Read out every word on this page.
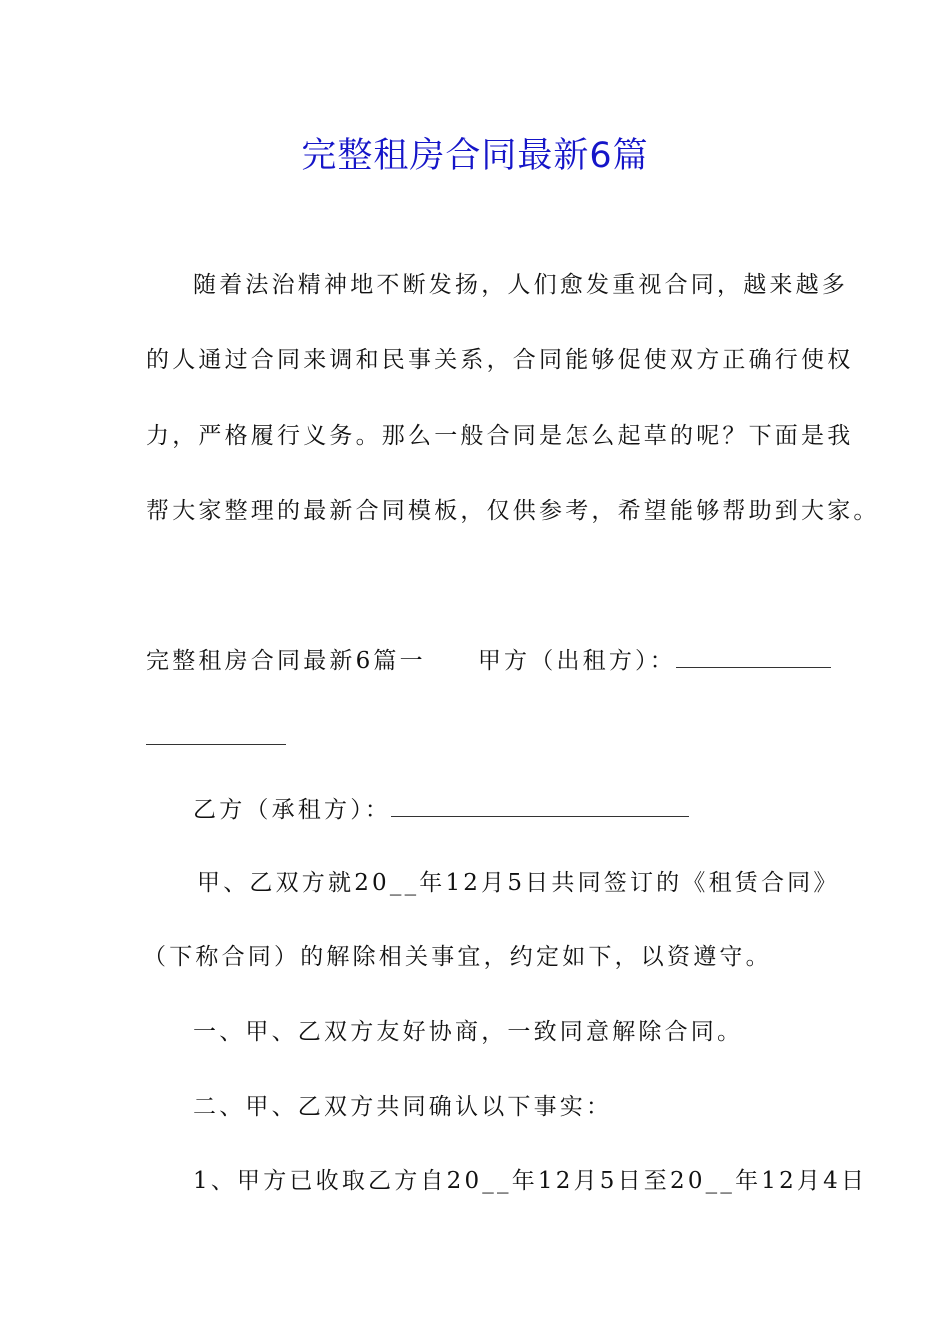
完整租房合同最新6篇
随着法治精神地不断发扬，人们愈发重视合同，越来越多
的人通过合同来调和民事关系，合同能够促使双方正确行使权
力，严格履行义务。那么一般合同是怎么起草的呢？下面是我
帮大家整理的最新合同模板，仅供参考，希望能够帮助到大家。
完整租房合同最新6篇一 甲方（出租方）：
乙方（承租方）：
甲、乙双方就20__年12月5日共同签订的《租赁合同》
（下称合同）的解除相关事宜，约定如下，以资遵守。
一、甲、乙双方友好协商，一致同意解除合同。
二、甲、乙双方共同确认以下事实：
1、甲方已收取乙方自20__年12月5日至20__年12月4日
